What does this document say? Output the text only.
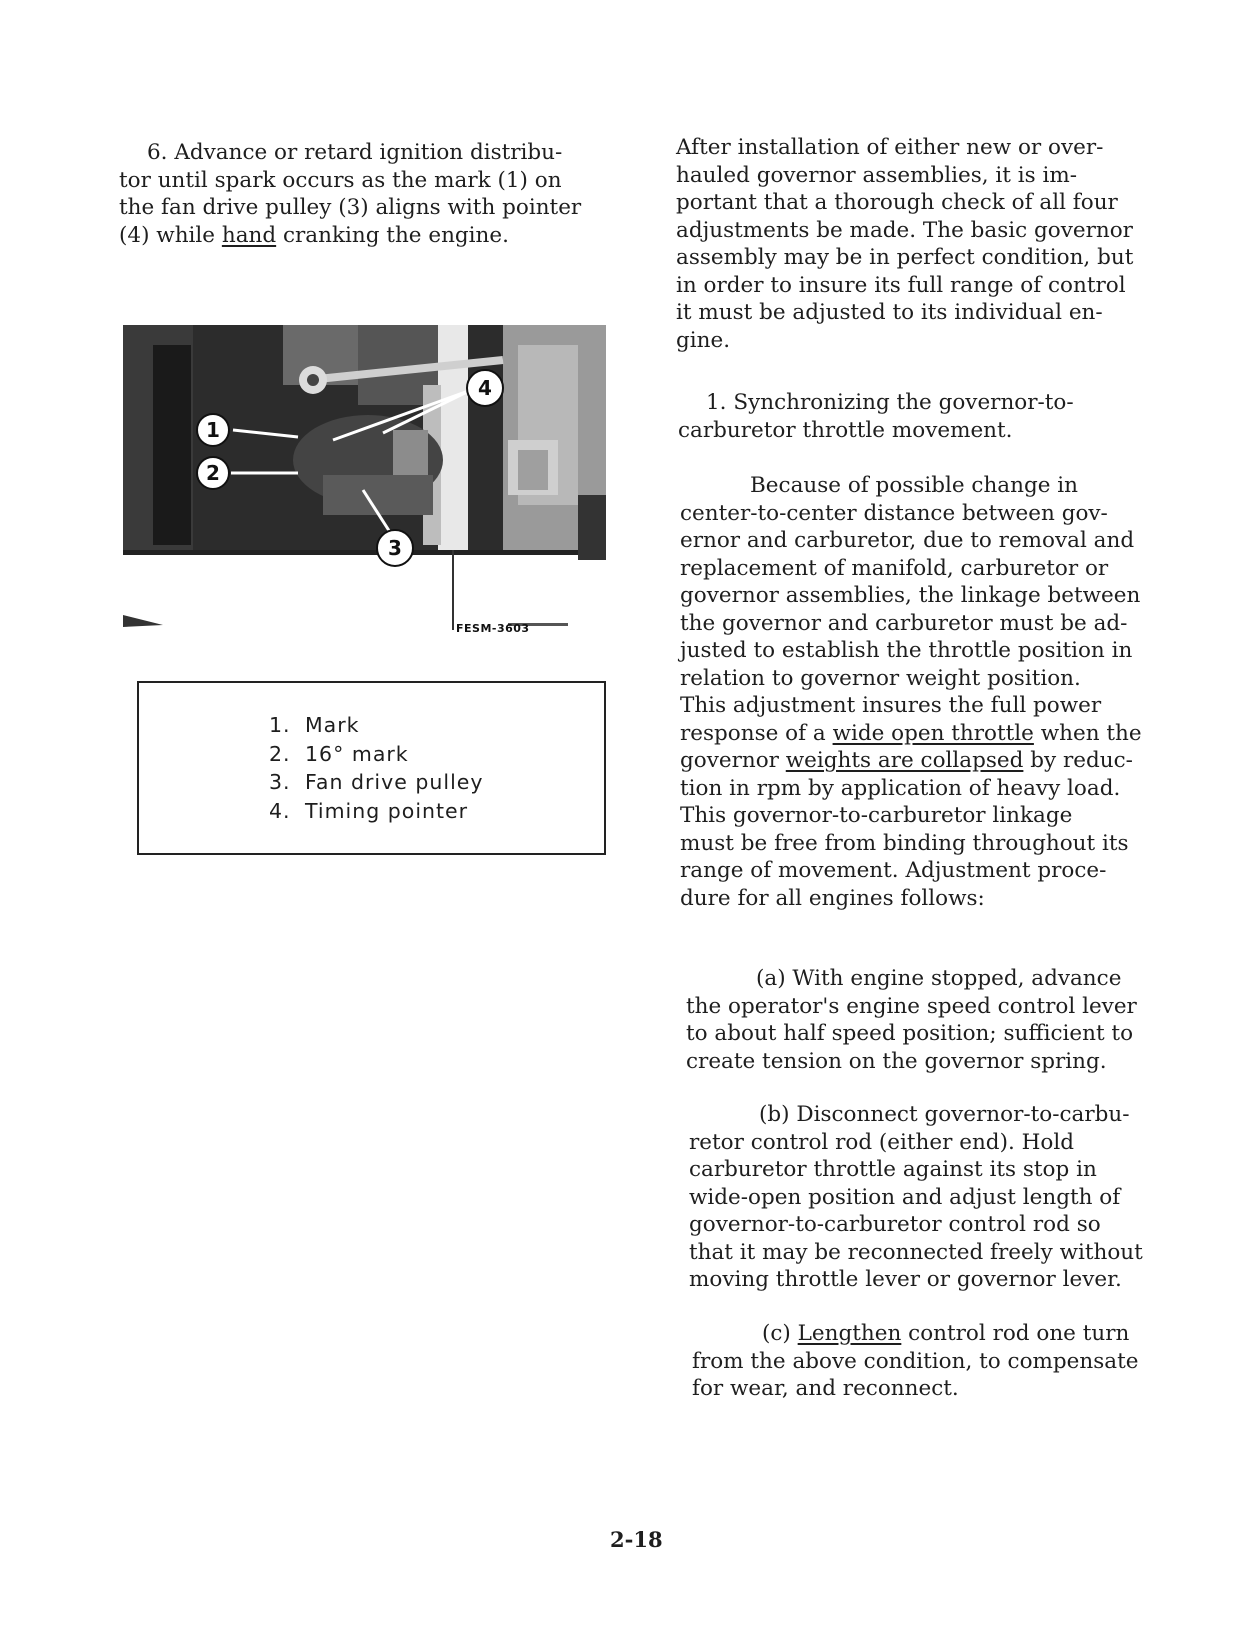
6. Advance or retard ignition distribu-
tor until spark occurs as the mark (1) on
the fan drive pulley (3) aligns with pointer
(4) while hand cranking the engine.

1
2
3
4
FESM-3603
1. Mark
2. 16° mark
3. Fan drive pulley
4. Timing pointer

After installation of either new or over-
hauled governor assemblies, it is im-
portant that a thorough check of all four
adjustments be made. The basic governor
assembly may be in perfect condition, but
in order to insure its full range of control
it must be adjusted to its individual en-
gine.

1. Synchronizing the governor-to-
carburetor throttle movement.

Because of possible change in
center-to-center distance between gov-
ernor and carburetor, due to removal and
replacement of manifold, carburetor or
governor assemblies, the linkage between
the governor and carburetor must be ad-
justed to establish the throttle position in
relation to governor weight position.
This adjustment insures the full power
response of a wide open throttle when the
governor weights are collapsed by reduc-
tion in rpm by application of heavy load.
This governor-to-carburetor linkage
must be free from binding throughout its
range of movement. Adjustment proce-
dure for all engines follows:

(a) With engine stopped, advance
the operator's engine speed control lever
to about half speed position; sufficient to
create tension on the governor spring.

(b) Disconnect governor-to-carbu-
retor control rod (either end). Hold
carburetor throttle against its stop in
wide-open position and adjust length of
governor-to-carburetor control rod so
that it may be reconnected freely without
moving throttle lever or governor lever.

(c) Lengthen control rod one turn
from the above condition, to compensate
for wear, and reconnect.

2-18
